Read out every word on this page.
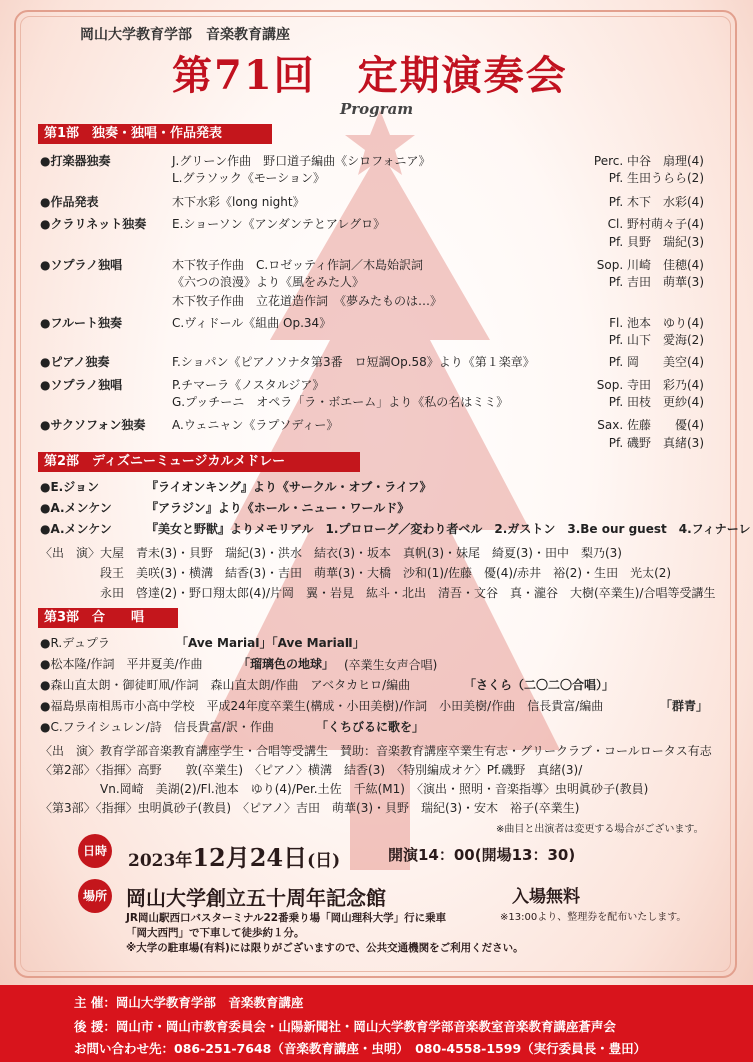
岡山大学教育学部　音楽教育講座
第71回　定期演奏会
Program
第1部　独奏・独唱・作品発表
●打楽器独奏	J.グリーン作曲　野口道子編曲《シロフォニア》	Perc. 中谷　扇理(4)
L.グラソック《モーション》	Pf. 生田うらら(2)
●作品発表	木下水彩《long night》	Pf. 木下　水彩(4)
●クラリネット独奏 E.ショーソン《アンダンテとアレグロ》	Cl. 野村萌々子(4)
Pf. 貝野　瑞紀(3)
●ソプラノ独唱	木下牧子作曲　C.ロゼッティ作詞／木島始訳詞	Sop. 川崎　佳穂(4)
《六つの浪漫》より《風をみた人》	Pf. 吉田　萌華(3)
木下牧子作曲　立花道造作詞　《夢みたものは…》
●フルート独奏	C.ヴィドール《組曲 Op.34》	Fl. 池本　ゆり(4)
Pf. 山下　愛海(2)
●ピアノ独奏	F.ショパン《ピアノソナタ第3番　ロ短調Op.58》より《第１楽章》	Pf. 岡　　美空(4)
●ソプラノ独唱	P.チマーラ《ノスタルジア》	Sop. 寺田　彩乃(4)
G.プッチーニ　オペラ「ラ・ボエーム」より《私の名はミミ》	Pf. 田枝　更紗(4)
●サクソフォン独奏 A.ウェニャン《ラプソディー》	Sax. 佐藤　　優(4)
Pf. 磯野　真緒(3)
第2部　ディズニーミュージカルメドレー
●E.ジョン	『ライオンキング』より《サークル・オブ・ライフ》
●A.メンケン	『アラジン』より《ホール・ニュー・ワールド》
●A.メンケン	『美女と野獣』よりメモリアル　1.プロローグ／変わり者ベル　2.ガストン　3.Be our guest　4.フィナーレ
〈出　演〉 大屋　青未(3)・貝野　瑞紀(3)・洪水　結衣(3)・坂本　真帆(3)・妹尾　綺夏(3)・田中　梨乃(3)
段王　美咲(3)・横溝　結香(3)・吉田　萌華(3)・大橋　沙和(1)/佐藤　優(4)/赤井　裕(2)・生田　光太(2)
永田　啓達(2)・野口翔太郎(4)/片岡　翼・岩見　紘斗・北出　清吾・文谷　真・瀧谷　大樹(卒業生)/合唱等受講生
第3部　合　　唱
●R.デュプラ	「Ave MariaⅠ」「Ave MariaⅡ」
●松本隆/作詞　平井夏美/作曲	「瑠璃色の地球」 (卒業生女声合唱)
●森山直太朗・御徒町凧/作詞　森山直太朗/作曲　アベタカヒロ/編曲	「さくら（二〇二〇合唱）」
●福島県南相馬市小高中学校　平成24年度卒業生(構成・小田美樹)/作詞　小田美樹/作曲　信長貴富/編曲	「群青」
●C.フライシュレン/詩　信長貴富/訳・作曲	「くちびるに歌を」
〈出　演〉教育学部音楽教育講座学生・合唱等受講生　賛助：音楽教育講座卒業生有志・グリークラブ・コールロータス有志
〈第2部〉〈指揮〉高野　　敦(卒業生)　〈ピアノ〉横溝　結香(3)　〈特別編成オケ〉Pf.磯野　真緒(3)/
Vn.岡崎　美湖(2)/Fl.池本　ゆり(4)/Per.土佐　千紘(M1)　〈演出・照明・音楽指導〉虫明眞砂子(教員)
〈第3部〉〈指揮〉虫明眞砂子(教員)　〈ピアノ〉吉田　萌華(3)・貝野　瑞紀(3)・安木　裕子(卒業生)
※曲目と出演者は変更する場合がございます。
日時 2023年12月24日(日)	開演14：00(開場13：30)
場所 岡山大学創立五十周年記念館	入場無料
※13:00より、整理券を配布いたします。
JR岡山駅西口バスターミナル22番乗り場「岡山理科大学」行に乗車
「岡大西門」で下車して徒歩約１分。
※大学の駐車場(有料)には限りがございますので、公共交通機関をご利用ください。
主 催：岡山大学教育学部　音楽教育講座
後 援：岡山市・岡山市教育委員会・山陽新聞社・岡山大学教育学部音楽教室音楽教育講座蒼声会
お問い合わせ先：086-251-7648（音楽教育講座・虫明）　080-4558-1599（実行委員長・豊田）
